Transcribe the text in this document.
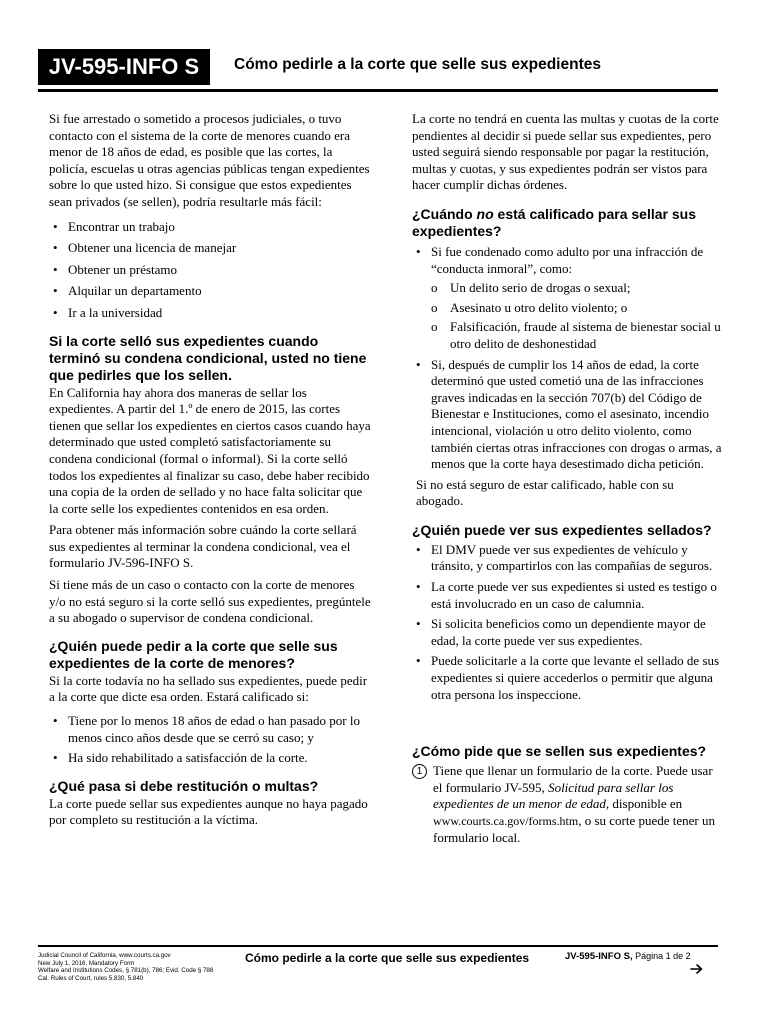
JV-595-INFO S Cómo pedirle a la corte que selle sus expedientes

Si fue arrestado o sometido a procesos judiciales, o tuvo contacto con el sistema de la corte de menores cuando era menor de 18 años de edad, es posible que las cortes, la policía, escuelas u otras agencias públicas tengan expedientes sobre lo que usted hizo. Si consigue que estos expedientes sean privados (se sellen), podría resultarle más fácil:

• Encontrar un trabajo
• Obtener una licencia de manejar
• Obtener un préstamo
• Alquilar un departamento
• Ir a la universidad
Si la corte selló sus expedientes cuando terminó su condena condicional, usted no tiene que pedirles que los sellen.

En California hay ahora dos maneras de sellar los expedientes. A partir del 1.º de enero de 2015, las cortes tienen que sellar los expedientes en ciertos casos cuando haya determinado que usted completó satisfactoriamente su condena condicional (formal o informal). Si la corte selló todos los expedientes al finalizar su caso, debe haber recibido una copia de la orden de sellado y no hace falta solicitar que la corte selle los expedientes contenidos en esa orden.

Para obtener más información sobre cuándo la corte sellará sus expedientes al terminar la condena condicional, vea el formulario JV-596-INFO S.

Si tiene más de un caso o contacto con la corte de menores y/o no está seguro si la corte selló sus expedientes, pregúntele a su abogado o supervisor de condena condicional.

¿Quién puede pedir a la corte que selle sus expedientes de la corte de menores?

Si la corte todavía no ha sellado sus expedientes, puede pedir a la corte que dicte esa orden. Estará calificado si:

• Tiene por lo menos 18 años de edad o han pasado por lo menos cinco años desde que se cerró su caso; y
• Ha sido rehabilitado a satisfacción de la corte.
¿Qué pasa si debe restitución o multas?

La corte puede sellar sus expedientes aunque no haya pagado por completo su restitución a la víctima.

La corte no tendrá en cuenta las multas y cuotas de la corte pendientes al decidir si puede sellar sus expedientes, pero usted seguirá siendo responsable por pagar la restitución, multas y cuotas, y sus expedientes podrán ser vistos para hacer cumplir dichas órdenes.

¿Cuándo no está calificado para sellar sus expedientes?
• Si fue condenado como adulto por una infracción de “conducta inmoral”, como:
o Un delito serio de drogas o sexual;
o Asesinato u otro delito violento; o
o Falsificación, fraude al sistema de bienestar social u otro delito de deshonestidad
• Si, después de cumplir los 14 años de edad, la corte determinó que usted cometió una de las infracciones graves indicadas en la sección 707(b) del Código de Bienestar e Instituciones, como el asesinato, incendio intencional, violación u otro delito violento, como también ciertas otras infracciones con drogas o armas, a menos que la corte haya desestimado dicha petición.

Si no está seguro de estar calificado, hable con su abogado.

¿Quién puede ver sus expedientes sellados?
• El DMV puede ver sus expedientes de vehículo y tránsito, y compartirlos con las compañías de seguros.
• La corte puede ver sus expedientes si usted es testigo o está involucrado en un caso de calumnia.
• Si solicita beneficios como un dependiente mayor de edad, la corte puede ver sus expedientes.
• Puede solicitarle a la corte que levante el sellado de sus expedientes si quiere accederlos o permitir que alguna otra persona los inspeccione.
¿Cómo pide que se sellen sus expedientes?
1 Tiene que llenar un formulario de la corte. Puede usar el formulario JV-595, Solicitud para sellar los expedientes de un menor de edad, disponible en www.courts.ca.gov/forms.htm, o su corte puede tener un formulario local.
Judicial Council of California, www.courts.ca.gov
New July 1, 2016, Mandatory Form
Welfare and Institutions Codes, § 781(b), 786; Evid. Code § 788
Cal. Rules of Court, rules 5.830, 5.840
Cómo pedirle a la corte que selle sus expedientes	JV-595-INFO S, Página 1 de 2
